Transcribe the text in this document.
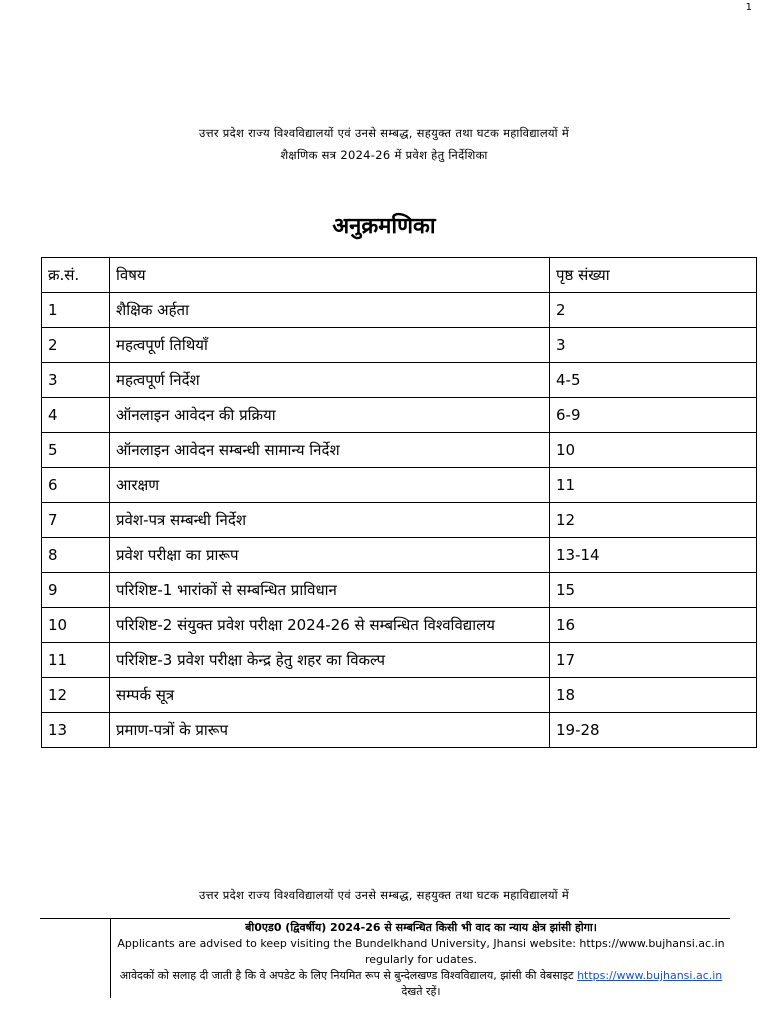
1
उत्तर प्रदेश राज्य विश्वविद्यालयों एवं उनसे सम्बद्ध, सहयुक्त तथा घटक महाविद्यालयों में
शैक्षणिक सत्र 2024-26 में प्रवेश हेतु निर्देशिका
अनुक्रमणिका
क्र.सं.	विषय	पृष्ठ संख्या
1	शैक्षिक अर्हता	2
2	महत्वपूर्ण तिथियाँ	3
3	महत्वपूर्ण निर्देश	4-5
4	ऑनलाइन आवेदन की प्रक्रिया	6-9
5	ऑनलाइन आवेदन सम्बन्धी सामान्य निर्देश	10
6	आरक्षण	11
7	प्रवेश-पत्र सम्बन्धी निर्देश	12
8	प्रवेश परीक्षा का प्रारूप	13-14
9	परिशिष्ट-1 भारांकों से सम्बन्धित प्राविधान	15
10	परिशिष्ट-2 संयुक्त प्रवेश परीक्षा 2024-26 से सम्बन्धित विश्वविद्यालय	16
11	परिशिष्ट-3 प्रवेश परीक्षा केन्द्र हेतु शहर का विकल्प	17
12	सम्पर्क सूत्र	18
13	प्रमाण-पत्रों के प्रारूप	19-28
उत्तर प्रदेश राज्य विश्वविद्यालयों एवं उनसे सम्बद्ध, सहयुक्त तथा घटक महाविद्यालयों में
बी0एड0 (द्विवर्षीय) 2024-26 से सम्बन्धित किसी भी वाद का न्याय क्षेत्र झांसी होगा।
Applicants are advised to keep visiting the Bundelkhand University, Jhansi website: https://www.bujhansi.ac.in regularly for udates.
आवेदकों को सलाह दी जाती है कि वे अपडेट के लिए नियमित रूप से बुन्देलखण्ड विश्वविद्यालय, झांसी की वेबसाइट https://www.bujhansi.ac.in देखते रहें।
